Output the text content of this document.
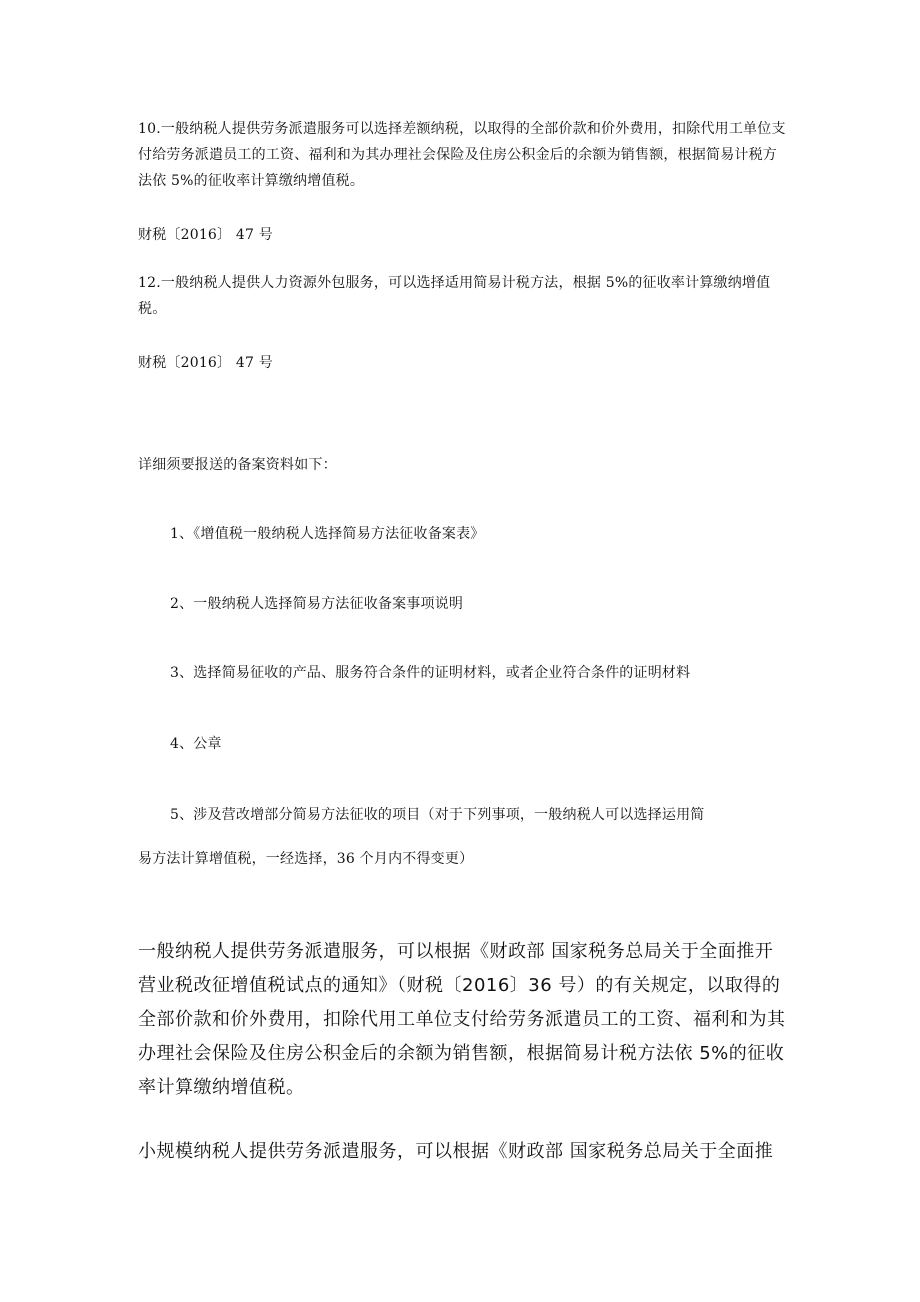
10.一般纳税人提供劳务派遣服务可以选择差额纳税，以取得的全部价款和价外费用，扣除代用工单位支付给劳务派遣员工的工资、福利和为其办理社会保险及住房公积金后的余额为销售额，根据简易计税方法依 5%的征收率计算缴纳增值税。

财税〔2016〕 47 号

12.一般纳税人提供人力资源外包服务，可以选择适用简易计税方法，根据 5%的征收率计算缴纳增值税。

财税〔2016〕 47 号

详细须要报送的备案资料如下：

1、《增值税一般纳税人选择简易方法征收备案表》

2、一般纳税人选择简易方法征收备案事项说明

3、选择简易征收的产品、服务符合条件的证明材料，或者企业符合条件的证明材料

4、公章

5、涉及营改增部分简易方法征收的项目（对于下列事项，一般纳税人可以选择运用简
易方法计算增值税，一经选择，36 个月内不得变更）

一般纳税人提供劳务派遣服务，可以根据《财政部 国家税务总局关于全面推开营业税改征增值税试点的通知》（财税〔2016〕36 号）的有关规定，以取得的全部价款和价外费用，扣除代用工单位支付给劳务派遣员工的工资、福利和为其办理社会保险及住房公积金后的余额为销售额，根据简易计税方法依 5%的征收率计算缴纳增值税。

小规模纳税人提供劳务派遣服务，可以根据《财政部 国家税务总局关于全面推
